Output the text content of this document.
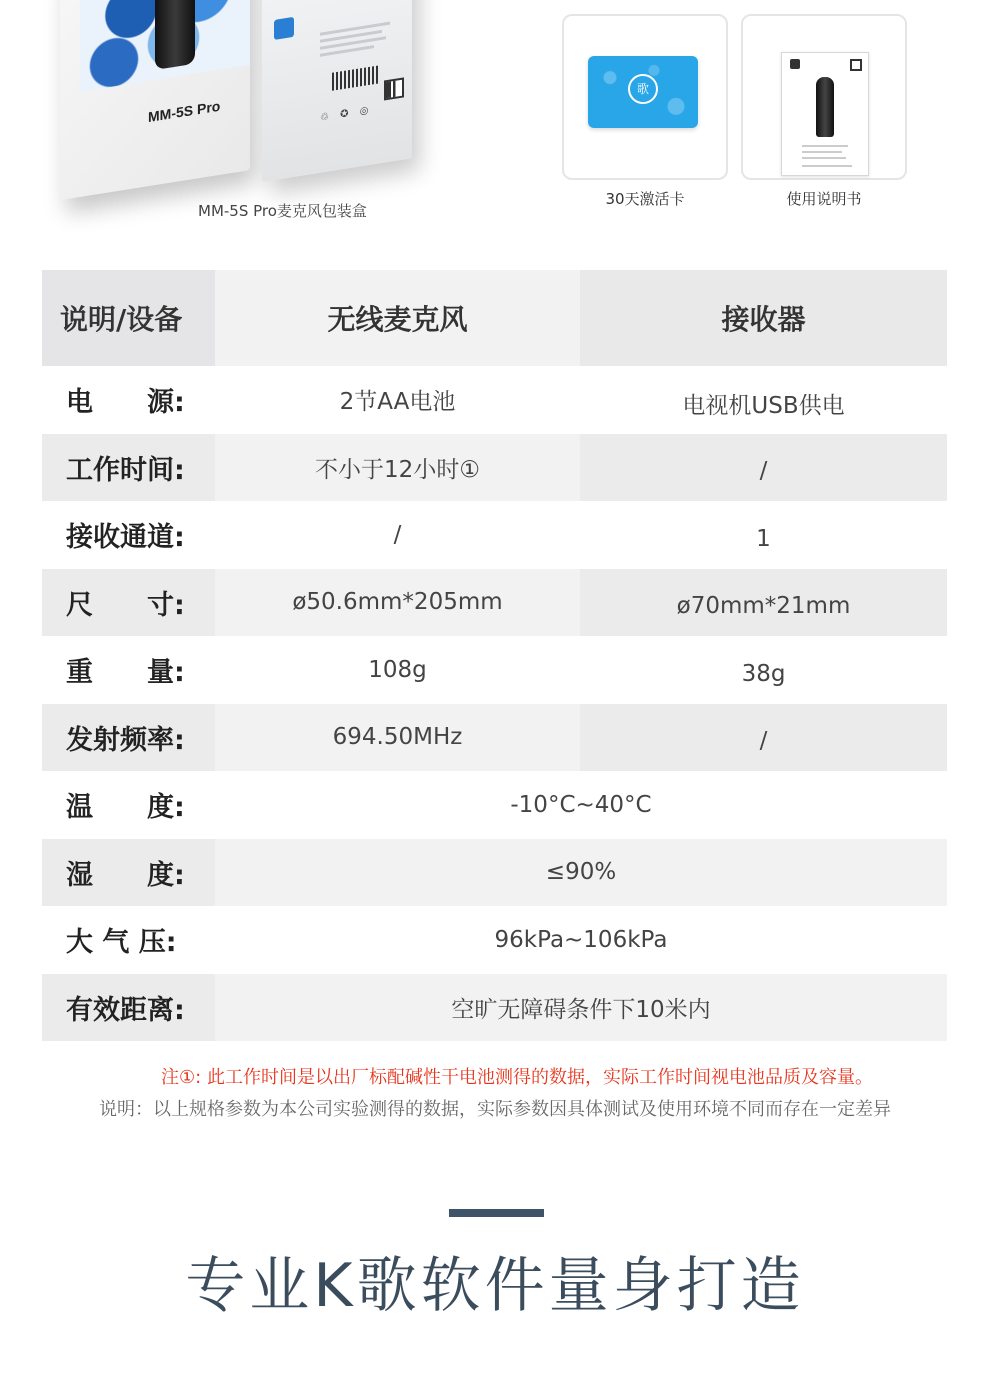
MM-5S Pro	♲ ✪ ◎
MM-5S Pro麦克风包装盒
歌
30天激活卡	使用说明书
说明/设备	无线麦克风	接收器
电　　源:	2节AA电池	电视机USB供电
工作时间:	不小于12小时①	/
接收通道:	/	1
尺　　寸:	ø50.6mm*205mm	ø70mm*21mm
重　　量:	108g	38g
发射频率:	694.50MHz	/
温　　度:	-10°C~40°C
湿　　度:	≤90%
大 气 压:	96kPa~106kPa
有效距离:	空旷无障碍条件下10米内
注①: 此工作时间是以出厂标配碱性干电池测得的数据，实际工作时间视电池品质及容量。
说明：以上规格参数为本公司实验测得的数据，实际参数因具体测试及使用环境不同而存在一定差异
专业K歌软件量身打造
